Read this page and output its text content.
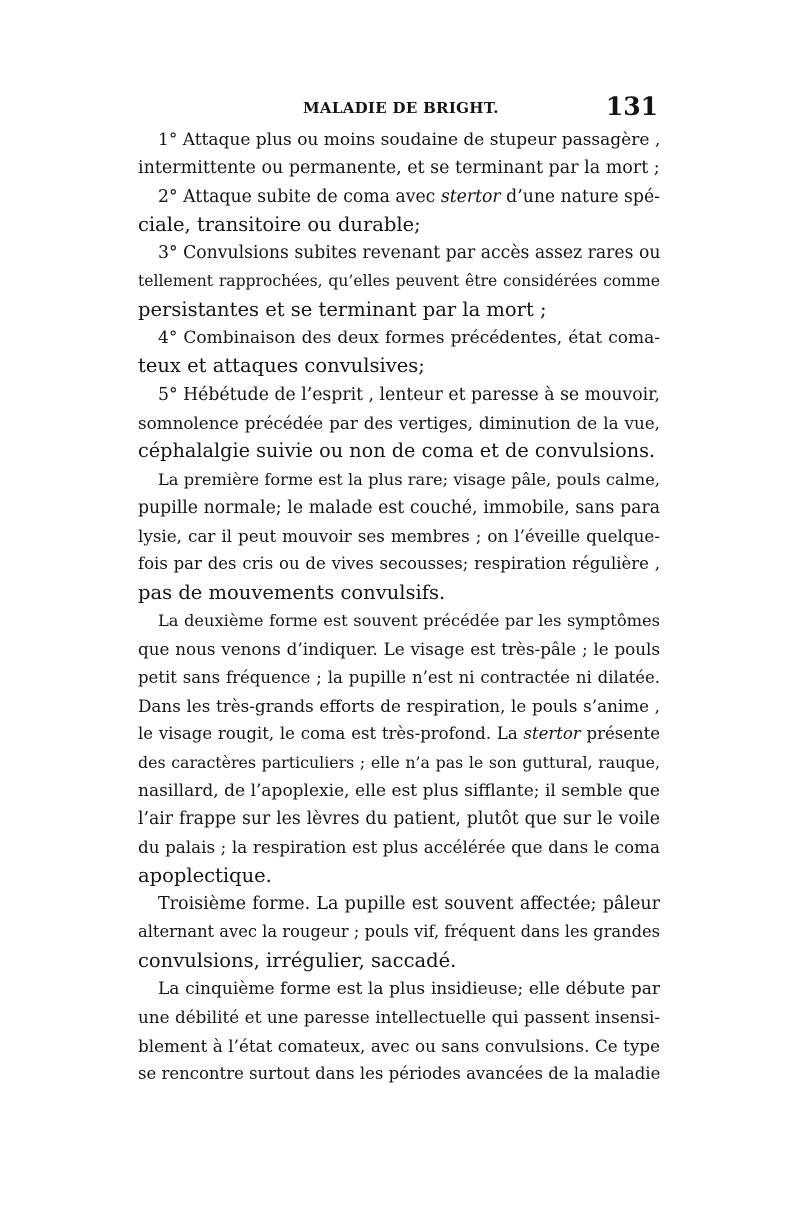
MALADIE DE BRIGHT.	131
1° Attaque plus ou moins soudaine de stupeur passagère ,
intermittente ou permanente, et se terminant par la mort ;
2° Attaque subite de coma avec stertor d’une nature spé-
ciale, transitoire ou durable;
3° Convulsions subites revenant par accès assez rares ou
tellement rapprochées, qu’elles peuvent être considérées comme
persistantes et se terminant par la mort ;
4° Combinaison des deux formes précédentes, état coma-
teux et attaques convulsives;
5° Hébétude de l’esprit , lenteur et paresse à se mouvoir,
somnolence précédée par des vertiges, diminution de la vue,
céphalalgie suivie ou non de coma et de convulsions.
La première forme est la plus rare; visage pâle, pouls calme,
pupille normale; le malade est couché, immobile, sans para
lysie, car il peut mouvoir ses membres ; on l’éveille quelque-
fois par des cris ou de vives secousses; respiration régulière ,
pas de mouvements convulsifs.
La deuxième forme est souvent précédée par les symptômes
que nous venons d’indiquer. Le visage est très-pâle ; le pouls
petit sans fréquence ; la pupille n’est ni contractée ni dilatée.
Dans les très-grands efforts de respiration, le pouls s’anime ,
le visage rougit, le coma est très-profond. La stertor présente
des caractères particuliers ; elle n’a pas le son guttural, rauque,
nasillard, de l’apoplexie, elle est plus sifflante; il semble que
l’air frappe sur les lèvres du patient, plutôt que sur le voile
du palais ; la respiration est plus accélérée que dans le coma
apoplectique.
Troisième forme. La pupille est souvent affectée; pâleur
alternant avec la rougeur ; pouls vif, fréquent dans les grandes
convulsions, irrégulier, saccadé.
La cinquième forme est la plus insidieuse; elle débute par
une débilité et une paresse intellectuelle qui passent insensi-
blement à l’état comateux, avec ou sans convulsions. Ce type
se rencontre surtout dans les périodes avancées de la maladie
